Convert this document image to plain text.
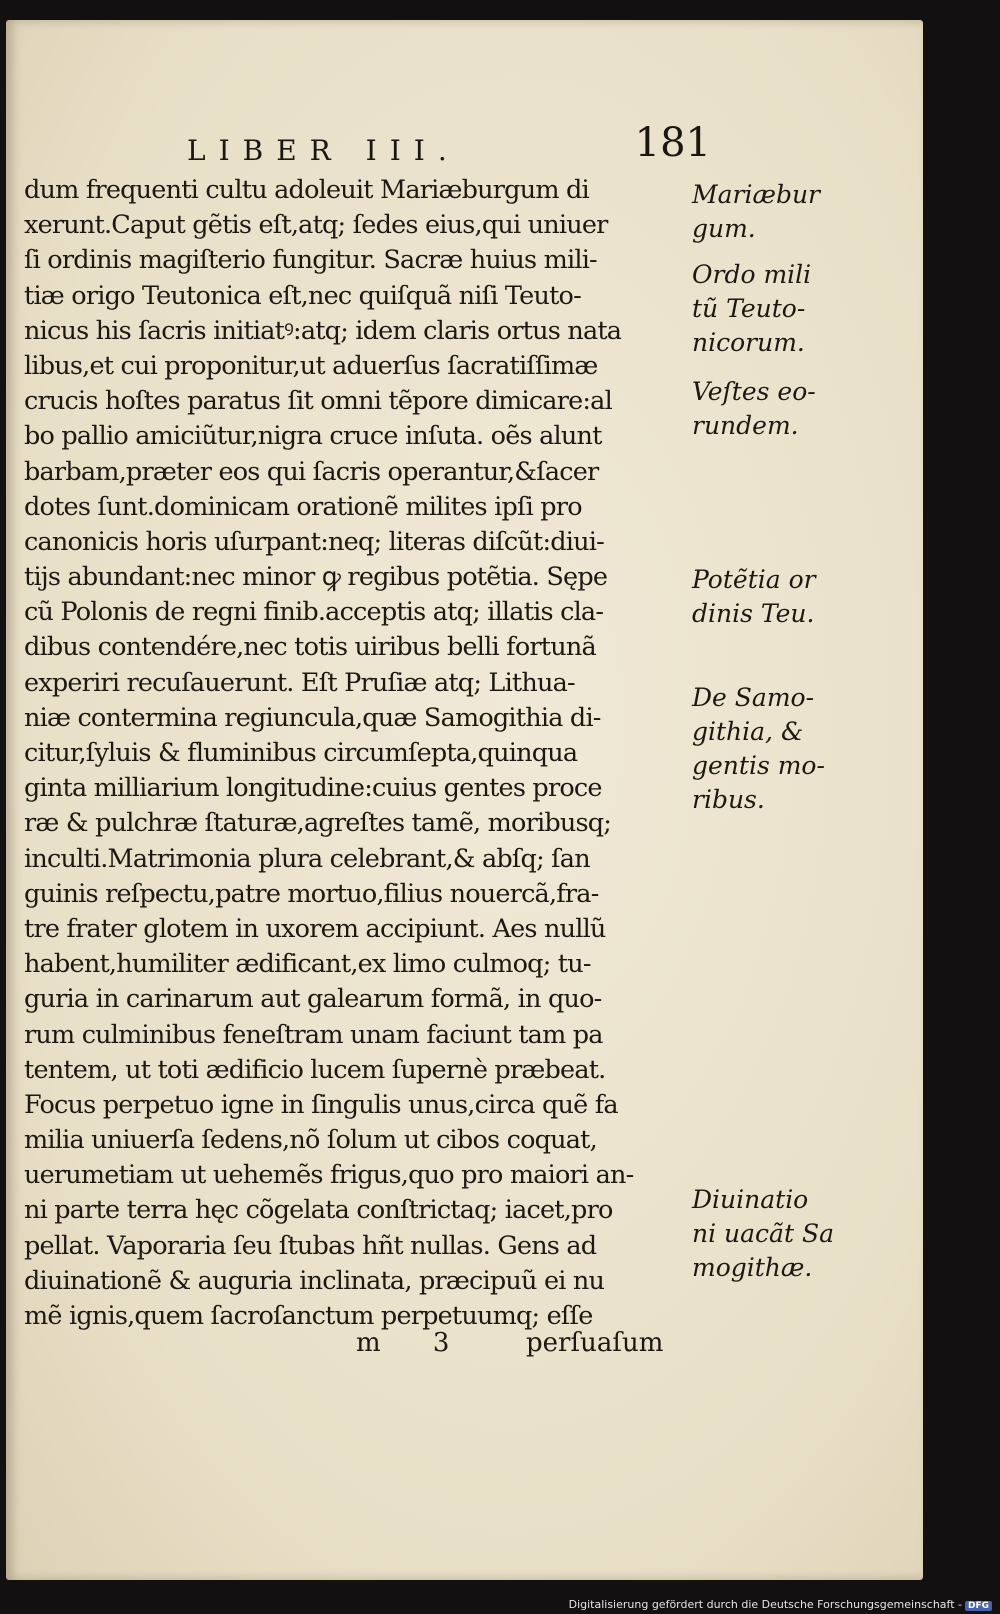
LIBER III.	181
dum frequenti cultu adoleuit Mariæburgum di
xerunt.Caput gẽtis eſt,atq; ſedes eius,qui uniuer
ſi ordinis magiſterio fungitur. Sacræ huius mili-
tiæ origo Teutonica eſt,nec quiſquã niſi Teuto-
nicus his ſacris initiatꝰ:atq; idem claris ortus nata
libus,et cui proponitur,ut aduerſus ſacratiſſimæ
crucis hoſtes paratus ſit omni tẽpore dimicare:al
bo pallio amiciũtur,nigra cruce inſuta. oẽs alunt
barbam,præter eos qui ſacris operantur,&ſacer
dotes ſunt.dominicam orationẽ milites ipſi pro
canonicis horis uſurpant:neq; literas diſcũt:diui-
tijs abundant:nec minor ꝙ regibus potẽtia. Sępe
cũ Polonis de regni finib.acceptis atq; illatis cla-
dibus contendére,nec totis uiribus belli fortunã
experiri recuſauerunt. Eſt Pruſiæ atq; Lithua-
niæ contermina regiuncula,quæ Samogithia di-
citur,ſyluis & fluminibus circumſepta,quinqua
ginta milliarium longitudine:cuius gentes proce
ræ & pulchræ ſtaturæ,agreſtes tamẽ, moribusq;
inculti.Matrimonia plura celebrant,& abſq; ſan
guinis reſpectu,patre mortuo,filius nouercã,fra-
tre frater glotem in uxorem accipiunt. Aes nullũ
habent,humiliter ædificant,ex limo culmoq; tu-
guria in carinarum aut galearum formã, in quo-
rum culminibus feneſtram unam faciunt tam pa
tentem, ut toti ædificio lucem ſupernè præbeat.
Focus perpetuo igne in ſingulis unus,circa quẽ fa
milia uniuerſa ſedens,nõ ſolum ut cibos coquat,
uerumetiam ut uehemẽs frigus,quo pro maiori an-
ni parte terra hęc cõgelata conſtrictaq; iacet,pro
pellat. Vaporaria ſeu ſtubas hñt nullas. Gens ad
diuinationẽ & auguria inclinata, præcipuũ ei nu
mẽ ignis,quem ſacroſanctum perpetuumq; eſſe
Mariæbur
gum.
Ordo mili
tũ Teuto-
nicorum.
Veſtes eo-
rundem.
Potẽtia or
dinis Teu.
De Samo-
githia, &
gentis mo-
ribus.
Diuinatio
ni uacãt Sa
mogithæ.
m 3 perſuaſum
Digitalisierung gefördert durch die Deutsche Forschungsgemeinschaft - DFG
